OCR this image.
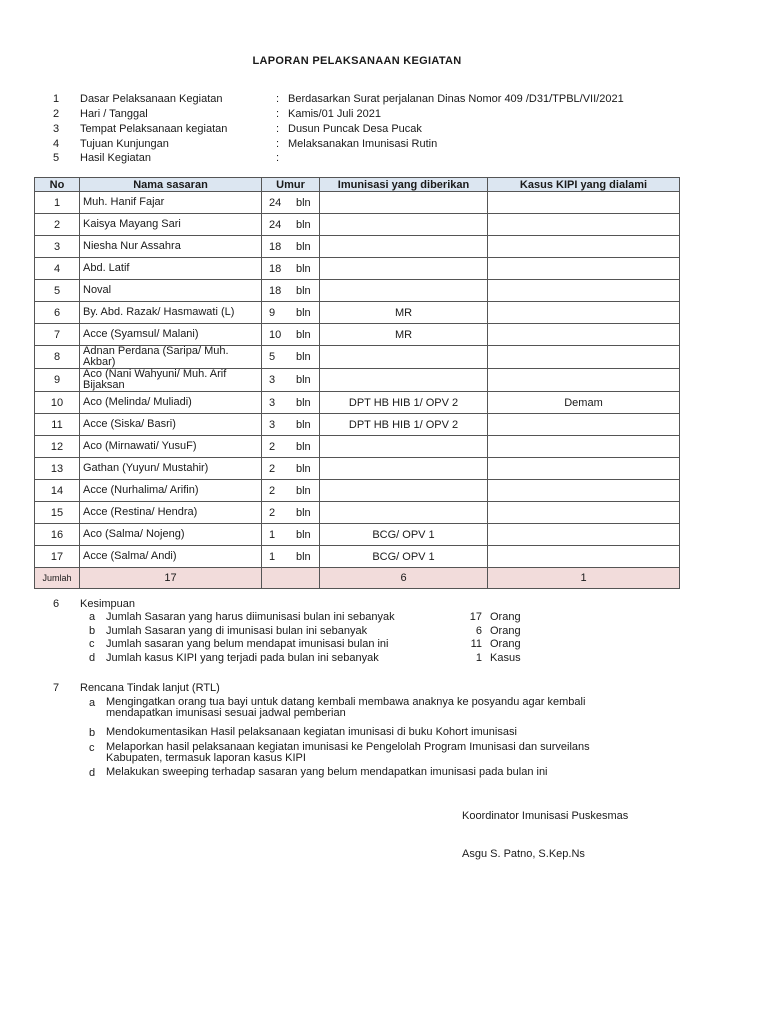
LAPORAN PELAKSANAAN KEGIATAN
1 Dasar Pelaksanaan Kegiatan	: Berdasarkan Surat perjalanan Dinas Nomor 409 /D31/TPBL/VII/2021
2 Hari / Tanggal	: Kamis/01 Juli 2021
3 Tempat Pelaksanaan kegiatan	: Dusun Puncak Desa Pucak
4 Tujuan Kunjungan	: Melaksanakan Imunisasi Rutin
5 Hasil Kegiatan	:
No	Nama sasaran	Umur	Imunisasi yang diberikan	Kasus KIPI yang dialami
1	Muh. Hanif Fajar	24 bln		

2	Kaisya Mayang Sari	24 bln		

3	Niesha Nur Assahra	18 bln		

4	Abd. Latif	18 bln		

5	Noval	18 bln		

6	By. Abd. Razak/ Hasmawati (L)	9 bln	MR	
7	Acce (Syamsul/ Malani)	10 bln	MR	
8	Adnan Perdana (Saripa/ Muh. Akbar)	5 bln		

9	Aco (Nani Wahyuni/ Muh. Arif Bijaksan	3 bln		

10	Aco (Melinda/ Muliadi)	3 bln	DPT HB HIB 1/ OPV 2	Demam
11	Acce (Siska/ Basri)	3 bln	DPT HB HIB 1/ OPV 2	
12	Aco (Mirnawati/ YusuF)	2 bln		

13	Gathan (Yuyun/ Mustahir)	2 bln		

14	Acce (Nurhalima/ Arifin)	2 bln		

15	Acce (Restina/ Hendra)	2 bln		

16	Aco (Salma/ Nojeng)	1 bln	BCG/ OPV 1	
17	Acce (Salma/ Andi)	1 bln	BCG/ OPV 1	
Jumlah	17		6	1
6 Kesimpuan
a Jumlah Sasaran yang harus diimunisasi bulan ini sebanyak	17 Orang
b Jumlah Sasaran yang di imunisasi bulan ini sebanyak	6 Orang
c Jumlah sasaran yang belum mendapat imunisasi bulan ini	11 Orang
d Jumlah kasus KIPI yang terjadi pada bulan ini sebanyak	1 Kasus
7 Rencana Tindak lanjut (RTL)
a Mengingatkan orang tua bayi untuk datang kembali membawa anaknya ke posyandu agar kembali mendapatkan imunisasi sesuai jadwal pemberian
b Mendokumentasikan Hasil pelaksanaan kegiatan imunisasi di buku Kohort imunisasi
c Melaporkan hasil pelaksanaan kegiatan imunisasi ke Pengelolah Program Imunisasi dan surveilans Kabupaten, termasuk laporan kasus KIPI
d Melakukan sweeping terhadap sasaran yang belum mendapatkan imunisasi pada bulan ini
Koordinator Imunisasi Puskesmas
Asgu S. Patno, S.Kep.Ns
